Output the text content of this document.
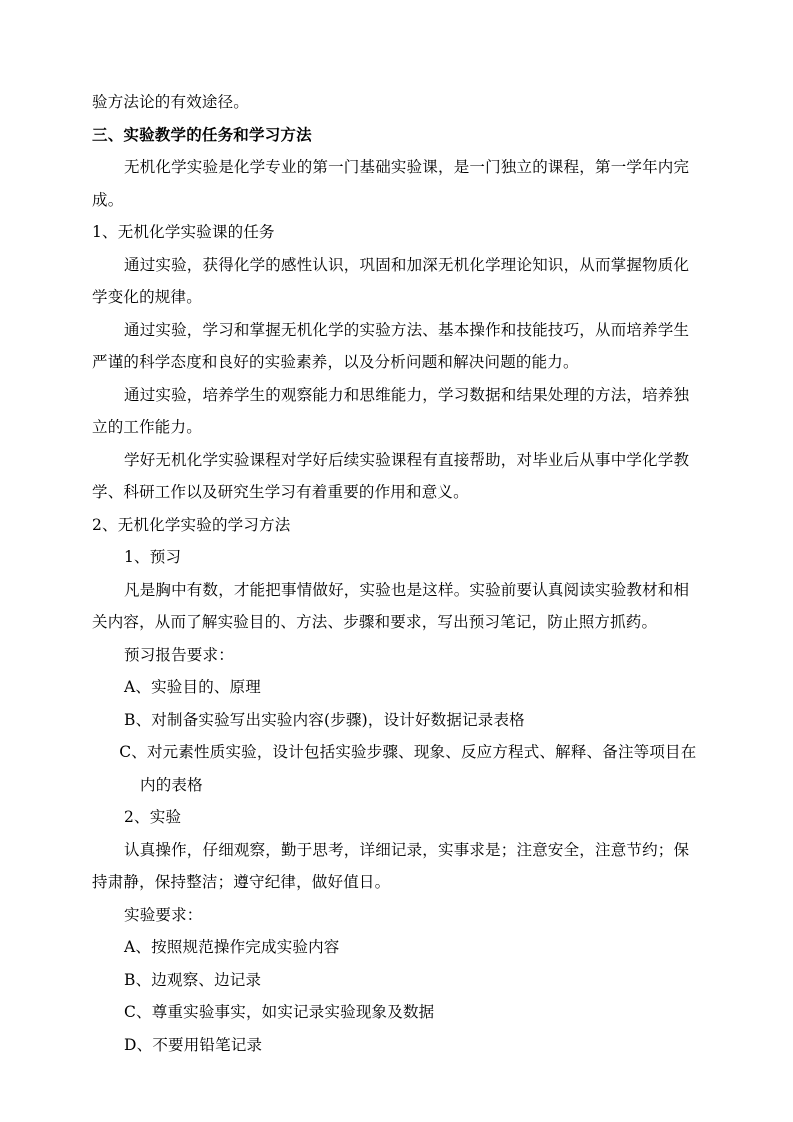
验方法论的有效途径。
三、实验教学的任务和学习方法
无机化学实验是化学专业的第一门基础实验课，是一门独立的课程，第一学年内完
成。
1、无机化学实验课的任务
通过实验，获得化学的感性认识，巩固和加深无机化学理论知识，从而掌握物质化
学变化的规律。
通过实验，学习和掌握无机化学的实验方法、基本操作和技能技巧，从而培养学生
严谨的科学态度和良好的实验素养，以及分析问题和解决问题的能力。
通过实验，培养学生的观察能力和思维能力，学习数据和结果处理的方法，培养独
立的工作能力。
学好无机化学实验课程对学好后续实验课程有直接帮助，对毕业后从事中学化学教
学、科研工作以及研究生学习有着重要的作用和意义。
2、无机化学实验的学习方法
1、预习
凡是胸中有数，才能把事情做好，实验也是这样。实验前要认真阅读实验教材和相
关内容，从而了解实验目的、方法、步骤和要求，写出预习笔记，防止照方抓药。
预习报告要求：
A、实验目的、原理
B、对制备实验写出实验内容(步骤)，设计好数据记录表格
C、对元素性质实验，设计包括实验步骤、现象、反应方程式、解释、备注等项目在
内的表格
2、实验
认真操作，仔细观察，勤于思考，详细记录，实事求是；注意安全，注意节约；保
持肃静，保持整洁；遵守纪律，做好值日。
实验要求：
A、按照规范操作完成实验内容
B、边观察、边记录
C、尊重实验事实，如实记录实验现象及数据
D、不要用铅笔记录
